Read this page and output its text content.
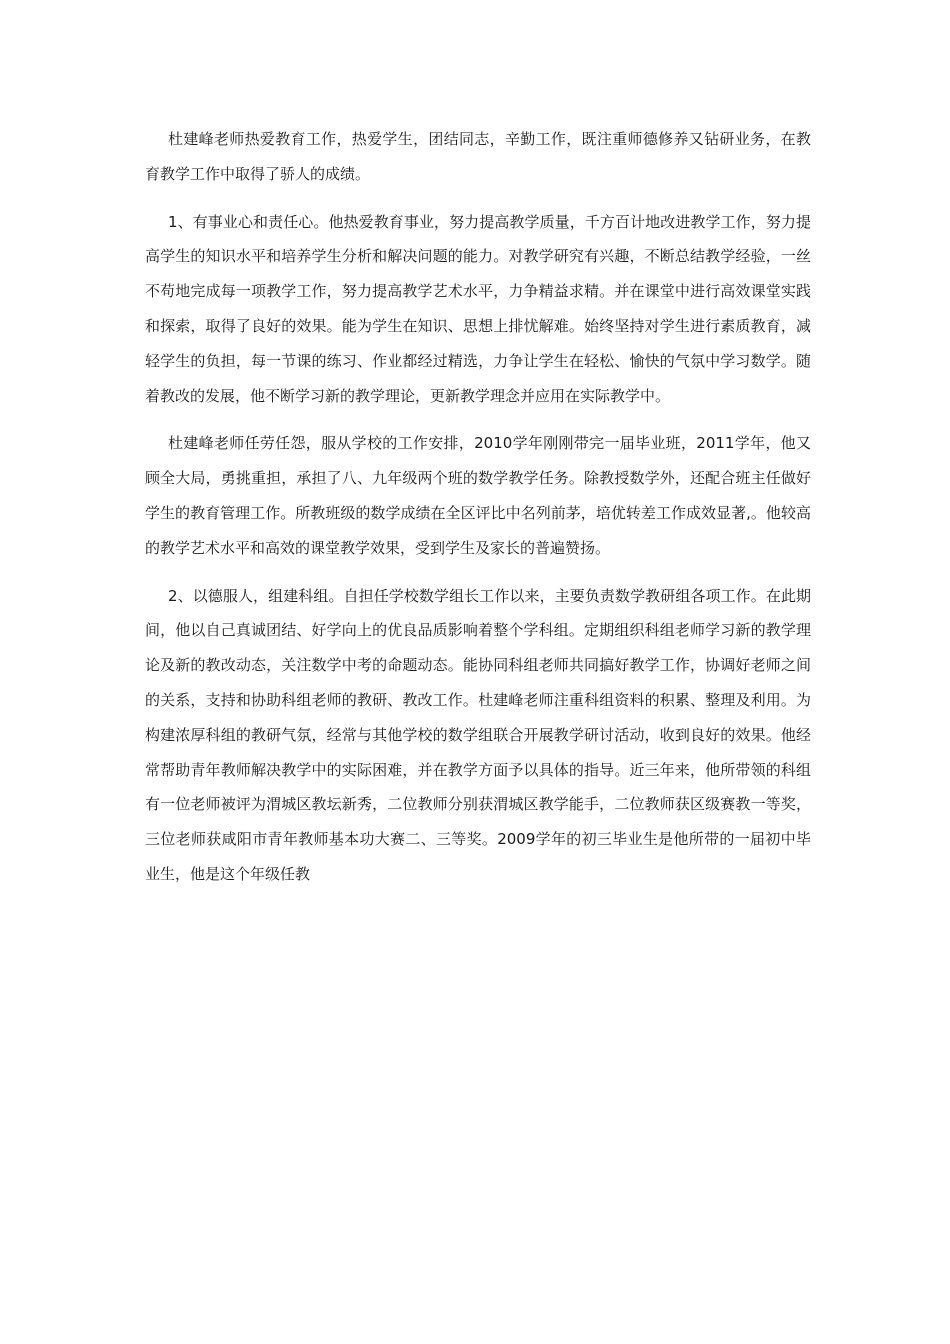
杜建峰老师热爱教育工作，热爱学生，团结同志，辛勤工作，既注重师德修养又钻研业务，在教育教学工作中取得了骄人的成绩。

1、有事业心和责任心。他热爱教育事业，努力提高教学质量，千方百计地改进教学工作，努力提高学生的知识水平和培养学生分析和解决问题的能力。对教学研究有兴趣，不断总结教学经验，一丝不苟地完成每一项教学工作，努力提高教学艺术水平，力争精益求精。并在课堂中进行高效课堂实践和探索，取得了良好的效果。能为学生在知识、思想上排忧解难。始终坚持对学生进行素质教育，减轻学生的负担，每一节课的练习、作业都经过精选，力争让学生在轻松、愉快的气氛中学习数学。随着教改的发展，他不断学习新的教学理论，更新教学理念并应用在实际教学中。

杜建峰老师任劳任怨，服从学校的工作安排，2010学年刚刚带完一届毕业班，2011学年，他又顾全大局，勇挑重担，承担了八、九年级两个班的数学教学任务。除教授数学外，还配合班主任做好学生的教育管理工作。所教班级的数学成绩在全区评比中名列前茅，培优转差工作成效显著,。他较高的教学艺术水平和高效的课堂教学效果，受到学生及家长的普遍赞扬。

2、以德服人，组建科组。自担任学校数学组长工作以来，主要负责数学教研组各项工作。在此期间，他以自己真诚团结、好学向上的优良品质影响着整个学科组。定期组织科组老师学习新的教学理论及新的教改动态，关注数学中考的命题动态。能协同科组老师共同搞好教学工作，协调好老师之间的关系，支持和协助科组老师的教研、教改工作。杜建峰老师注重科组资料的积累、整理及利用。为构建浓厚科组的教研气氛，经常与其他学校的数学组联合开展教学研讨活动，收到良好的效果。他经常帮助青年教师解决教学中的实际困难，并在教学方面予以具体的指导。近三年来，他所带领的科组有一位老师被评为渭城区教坛新秀，二位教师分别获渭城区教学能手，二位教师获区级赛教一等奖，三位老师获咸阳市青年教师基本功大赛二、三等奖。2009学年的初三毕业生是他所带的一届初中毕业生，他是这个年级任教
